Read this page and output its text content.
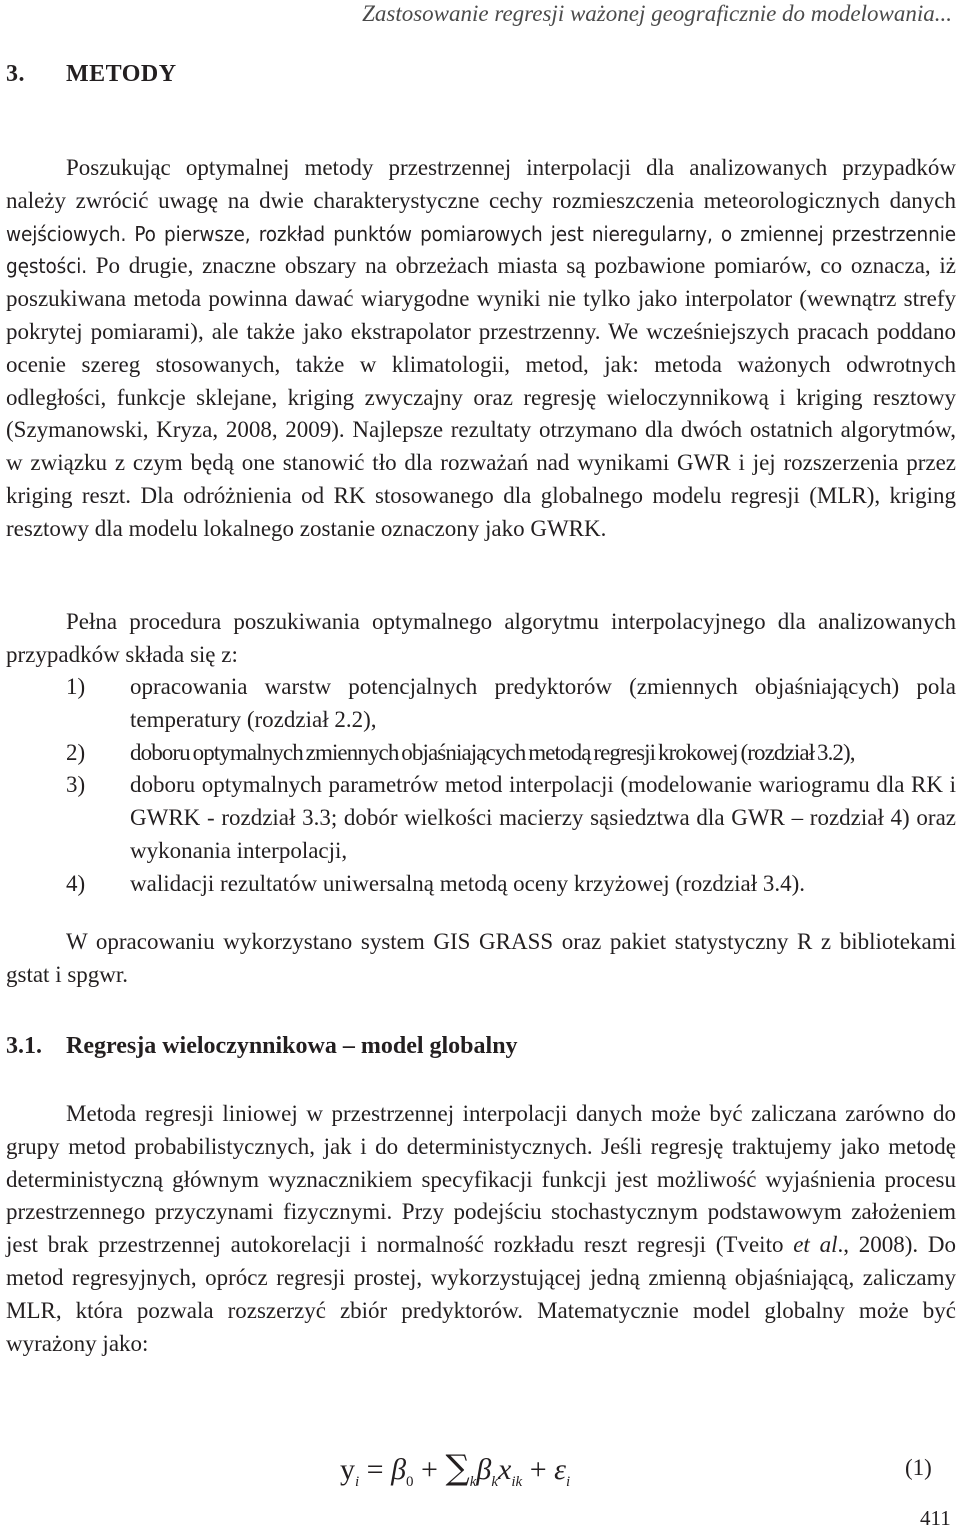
Zastosowanie regresji ważonej geograficznie do modelowania...
3. METODY

Poszukując optymalnej metody przestrzennej interpolacji dla analizowanych przypadków należy zwrócić uwagę na dwie charakterystyczne cechy rozmieszczenia meteorologicznych danych wejściowych. Po pierwsze, rozkład punktów pomiarowych jest nieregularny, o zmiennej przestrzennie gęstości. Po drugie, znaczne obszary na obrzeżach miasta są pozbawione pomiarów, co oznacza, iż poszukiwana metoda powinna dawać wiarygodne wyniki nie tylko jako interpolator (wewnątrz strefy pokrytej pomiarami), ale także jako ekstrapolator przestrzenny. We wcześniejszych pracach poddano ocenie szereg stosowanych, także w klimatologii, metod, jak: metoda ważonych odwrotnych odległości, funkcje sklejane, kriging zwyczajny oraz regresję wieloczynnikową i kriging resztowy (Szymanowski, Kryza, 2008, 2009). Najlepsze rezultaty otrzymano dla dwóch ostatnich algorytmów, w związku z czym będą one stanowić tło dla rozważań nad wynikami GWR i jej rozszerzenia przez kriging reszt. Dla odróżnienia od RK stosowanego dla globalnego modelu regresji (MLR), kriging resztowy dla modelu lokalnego zostanie oznaczony jako GWRK.

Pełna procedura poszukiwania optymalnego algorytmu interpolacyjnego dla analizowanych przypadków składa się z:

1) opracowania warstw potencjalnych predyktorów (zmiennych objaśniających) pola temperatury (rozdział 2.2),
2) doboru optymalnych zmiennych objaśniających metodą regresji krokowej (rozdział 3.2),
3) doboru optymalnych parametrów metod interpolacji (modelowanie wariogramu dla RK i GWRK - rozdział 3.3; dobór wielkości macierzy sąsiedztwa dla GWR – rozdział 4) oraz wykonania interpolacji,
4) walidacji rezultatów uniwersalną metodą oceny krzyżowej (rozdział 3.4).

W opracowaniu wykorzystano system GIS GRASS oraz pakiet statystyczny R z bibliotekami gstat i spgwr.

3.1. Regresja wieloczynnikowa – model globalny

Metoda regresji liniowej w przestrzennej interpolacji danych może być zaliczana zarówno do grupy metod probabilistycznych, jak i do deterministycznych. Jeśli regresję traktujemy jako metodę deterministyczną głównym wyznacznikiem specyfikacji funkcji jest możliwość wyjaśnienia procesu przestrzennego przyczynami fizycznymi. Przy podejściu stochastycznym podstawowym założeniem jest brak przestrzennej autokorelacji i normalność rozkładu reszt regresji (Tveito et al., 2008). Do metod regresyjnych, oprócz regresji prostej, wykorzystującej jedną zmienną objaśniającą, zaliczamy MLR, która pozwala rozszerzyć zbiór predyktorów. Matematycznie model globalny może być wyrażony jako:

$y_i = \beta_0 + \sum_k\beta_kx_{ik} + \varepsilon_i$
(1)
411
